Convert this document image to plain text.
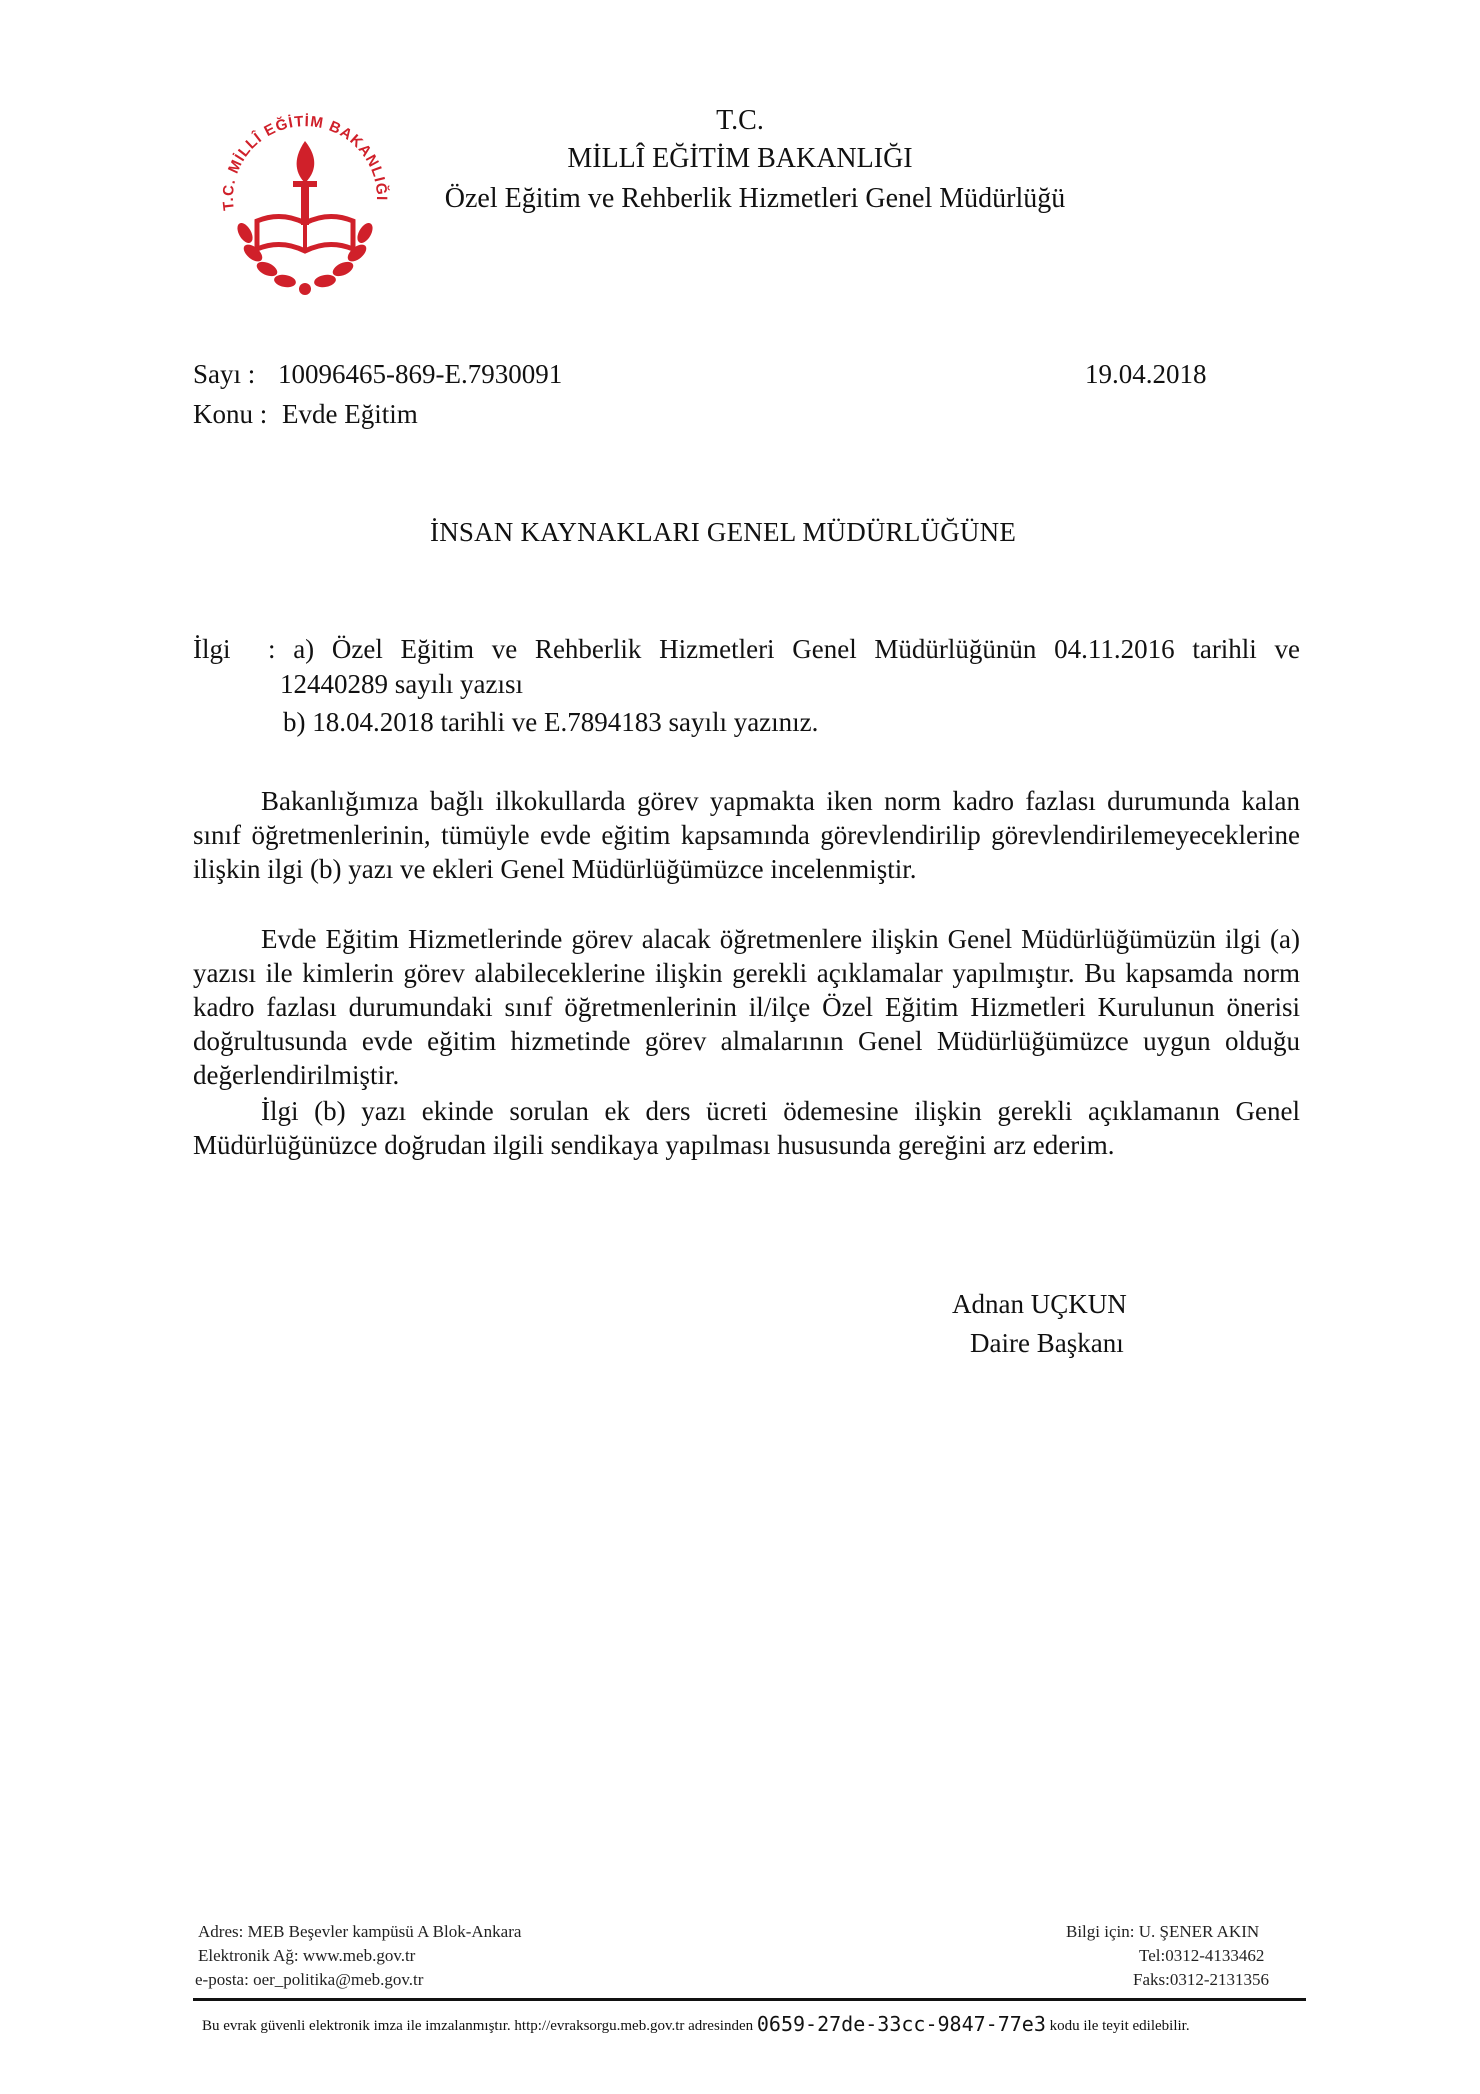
T.C. MİLLÎ EĞİTİM BAKANLIĞI
T.C.
MİLLÎ EĞİTİM BAKANLIĞI
Özel Eğitim ve Rehberlik Hizmetleri Genel Müdürlüğü
Sayı : 10096465-869-E.7930091	19.04.2018
Konu : Evde Eğitim
İNSAN KAYNAKLARI GENEL MÜDÜRLÜĞÜNE
İlgi : a) Özel Eğitim ve Rehberlik Hizmetleri Genel Müdürlüğünün 04.11.2016 tarihli ve
12440289 sayılı yazısı
b) 18.04.2018 tarihli ve E.7894183 sayılı yazınız.

Bakanlığımıza bağlı ilkokullarda görev yapmakta iken norm kadro fazlası durumunda kalan sınıf öğretmenlerinin, tümüyle evde eğitim kapsamında görevlendirilip görevlendirilemeyeceklerine ilişkin ilgi (b) yazı ve ekleri Genel Müdürlüğümüzce incelenmiştir.

Evde Eğitim Hizmetlerinde görev alacak öğretmenlere ilişkin Genel Müdürlüğümüzün ilgi (a) yazısı ile kimlerin görev alabileceklerine ilişkin gerekli açıklamalar yapılmıştır. Bu kapsamda norm kadro fazlası durumundaki sınıf öğretmenlerinin il/ilçe Özel Eğitim Hizmetleri Kurulunun önerisi doğrultusunda evde eğitim hizmetinde görev almalarının Genel Müdürlüğümüzce uygun olduğu değerlendirilmiştir.

İlgi (b) yazı ekinde sorulan ek ders ücreti ödemesine ilişkin gerekli açıklamanın Genel Müdürlüğünüzce doğrudan ilgili sendikaya yapılması hususunda gereğini arz ederim.

Adnan UÇKUN
Daire Başkanı
Adres: MEB Beşevler kampüsü A Blok-Ankara
Elektronik Ağ: www.meb.gov.tr
e-posta: oer_politika@meb.gov.tr
Bilgi için: U. ŞENER AKIN
Tel:0312-4133462
Faks:0312-2131356
Bu evrak güvenli elektronik imza ile imzalanmıştır. http://evraksorgu.meb.gov.tr adresinden 0659-27de-33cc-9847-77e3 kodu ile teyit edilebilir.
